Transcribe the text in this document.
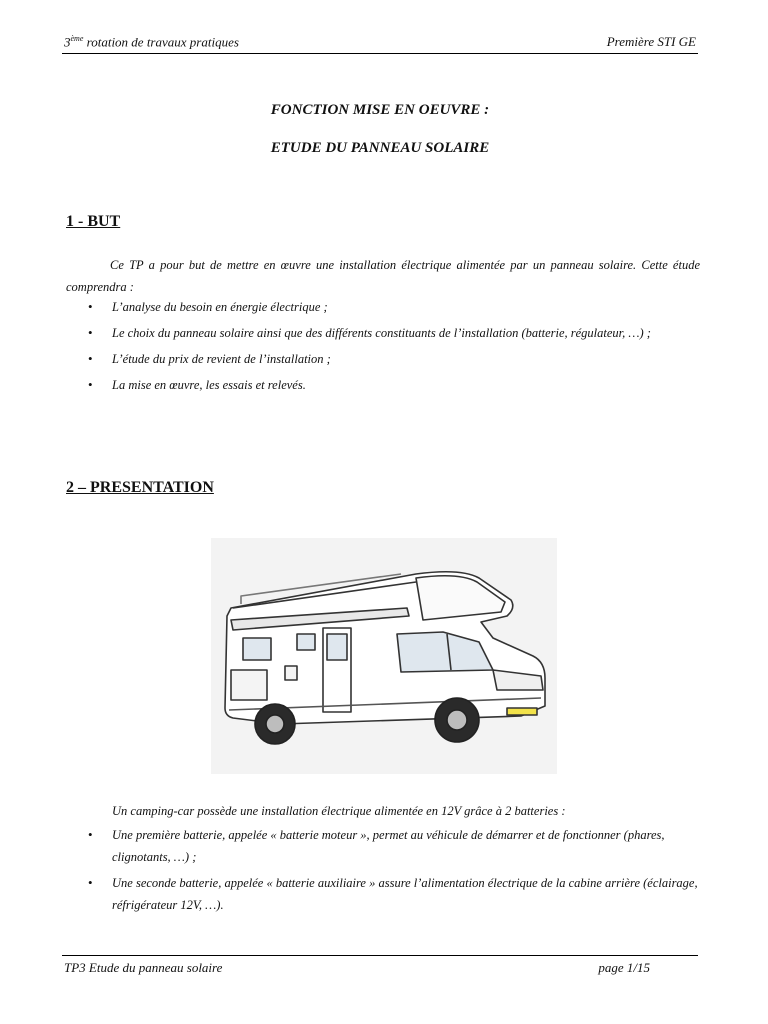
3ème rotation de travaux pratiques	Première STI GE
FONCTION MISE EN OEUVRE :
ETUDE DU PANNEAU SOLAIRE
1 - BUT
Ce TP a pour but de mettre en œuvre une installation électrique alimentée par un panneau solaire. Cette étude comprendra :
• L’analyse du besoin en énergie électrique ;
• Le choix du panneau solaire ainsi que des différents constituants de l’installation (batterie, régulateur, …) ;
• L’étude du prix de revient de l’installation ;
• La mise en œuvre, les essais et relevés.
2 – PRESENTATION
Un camping-car possède une installation électrique alimentée en 12V grâce à 2 batteries :
• Une première batterie, appelée « batterie moteur », permet au véhicule de démarrer et de fonctionner (phares, clignotants, …) ;
• Une seconde batterie, appelée « batterie auxiliaire » assure l’alimentation électrique de la cabine arrière (éclairage, réfrigérateur 12V, …).
TP3 Etude du panneau solaire	page 1/15
